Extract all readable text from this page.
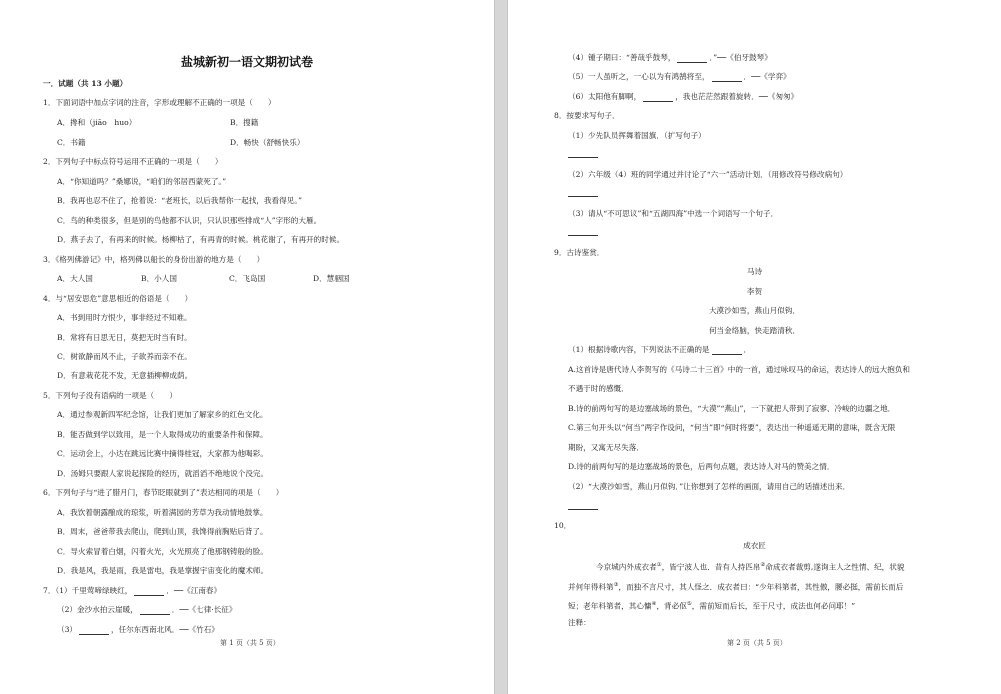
盐城新初一语文期初试卷
一．试题（共 13 小题）
1．下面词语中加点字词的注音，字形或理解不正确的一项是（　　）
A．搀和（jiāo　huo）	B．搜籍
C．书籍	D．畅快（舒畅快乐）
2．下列句子中标点符号运用不正确的一项是（　　）
A．“你知道吗？”桑娜说，“咱们的邻居西蒙死了。”
B．我再也忍不住了，抢着说：“老班长，以后我帮你一起找，我看得见。”
C．鸟的种类很多，但是别的鸟他都不认识，只认识那些排成“人”字形的大雁。
D．燕子去了，有再来的时候。杨柳枯了，有再青的时候。桃花谢了，有再开的时候。
3．《格列佛游记》中，格列佛以船长的身份出游的地方是（　　）
A．大人国	B．小人国	C．飞岛国	D．慧骃国
4．与“居安思危”意思相近的俗语是（　　）
A．书到用时方恨少，事非经过不知难。
B．常将有日思无日，莫把无时当有时。
C．树欲静而风不止，子欲养而亲不在。
D．有意栽花花不发，无意插柳柳成荫。
5．下列句子没有语病的一项是（　　）
A．通过参观新四军纪念馆，让我们更加了解家乡的红色文化。
B．能否做到学以致用，是一个人取得成功的重要条件和保障。
C．运动会上，小达在跳远比赛中摘得桂冠，大家都为他喝彩。
D．汤姆只要跟人家说起探险的经历，就滔滔不绝地说个没完。
6．下列句子与“进了腊月门，春节眨眼就到了”表达相同的项是（　　）
A．我饮着朝露酿成的琼浆，听着满园的芳草为我动情地鼓掌。
B．周末，爸爸带我去爬山，爬到山顶，我馋得前胸贴后背了。
C．导火索冒着白烟，闪着火光，火光照亮了他那钢铸般的脸。
D．我是风，我是雨，我是雷电，我是掌握宇宙变化的魔术师。
7．（1）千里莺啼绿映红，	．──《江南春》
（2）金沙水拍云崖暖，	．──《七律·长征》
（3）	，任尔东西南北风．──《竹石》
第 1 页（共 5 页）
（4）锺子期曰：“善哉乎鼓琴，	．”──《伯牙鼓琴》
（5）一人虽听之，一心以为有鸿鹄将至，	．──《学弈》
（6）太阳他有脚啊，	，我也茫茫然跟着旋转．──《匆匆》
8．按要求写句子．
（1）少先队员挥舞着国旗．（扩写句子）
（2）六年级（4）班的同学通过并讨论了“六一”活动计划．（用修改符号修改病句）
（3）请从“不可思议”和“五湖四海”中选一个词语写一个句子．
9．古诗鉴赏．
马诗
李贺
大漠沙如雪，燕山月似钩．
何当金络脑，快走踏清秋．
（1）根据诗歌内容，下列说法不正确的是	．
A.这首诗是唐代诗人李贺写的《马诗二十三首》中的一首，通过咏叹马的命运，表达诗人的远大抱负和
不遇于时的感慨．
B.诗的前两句写的是边塞战场的景色，“大漠”“燕山”，一下就把人带到了寂寥、冷峻的边疆之地．
C.第三句开头以“何当”两字作设问，“何当”即“何时将要”，表达出一种遥遥无期的意味，既含无限
期盼，又寓无尽失落．
D.诗的前两句写的是边塞战场的景色，后两句点题，表达诗人对马的赞美之情．
（2）“大漠沙如雪，燕山月似钩．”让你想到了怎样的画面，请用自己的话描述出来．
10．
成衣匠
今京城内外成衣者①，皆宁波人也．昔有人持匹帛②命成衣者裁剪,遂询主人之性情、纪，状貌
并何年得科第③，而独不言尺寸，其人怪之．成衣者曰：“少年科第者，其性傲，腰必挺，需前长而后
短；老年科第者，其心慵④，背必伛⑤，需前短而后长，至于尺寸，成法也何必问耶！”
注释：
第 2 页（共 5 页）
